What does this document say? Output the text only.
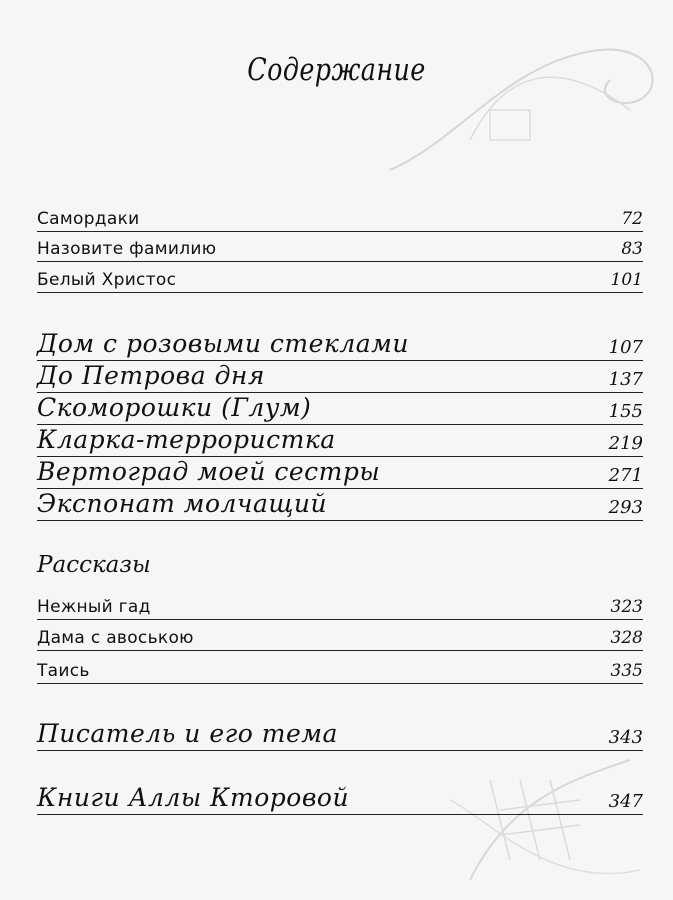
Содержание
Самордаки	72
Назовите фамилию	83
Белый Христос	101
Дом с розовыми стеклами	107
До Петрова дня	137
Скоморошки (Глум)	155
Кларка-террористка	219
Вертоград моей сестры	271
Экспонат молчащий	293
Рассказы
Нежный гад	323
Дама с авоською	328
Таись	335
Писатель и его тема	343
Книги Аллы Кторовой	347
